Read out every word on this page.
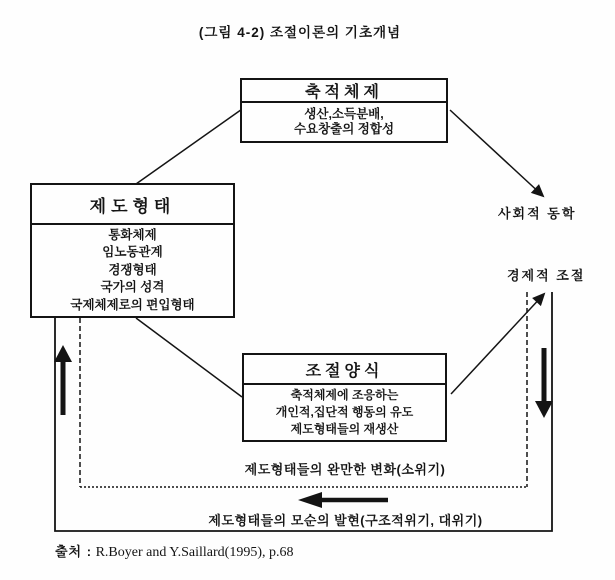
(그림 4-2) 조절이론의 기초개념
축적체제
생산,소득분배,
수요창출의 정합성
제도형태
통화체제
임노동관계
경쟁형태
국가의 성격
국제체제로의 편입형태
조절양식
축적체제에 조응하는
개인적,집단적 행동의 유도
제도형태들의 재생산
사회적 동학
경제적 조절
제도형태들의 완만한 변화(소위기)
제도형태들의 모순의 발현(구조적위기, 대위기)
출처 : R.Boyer and Y.Saillard(1995), p.68
